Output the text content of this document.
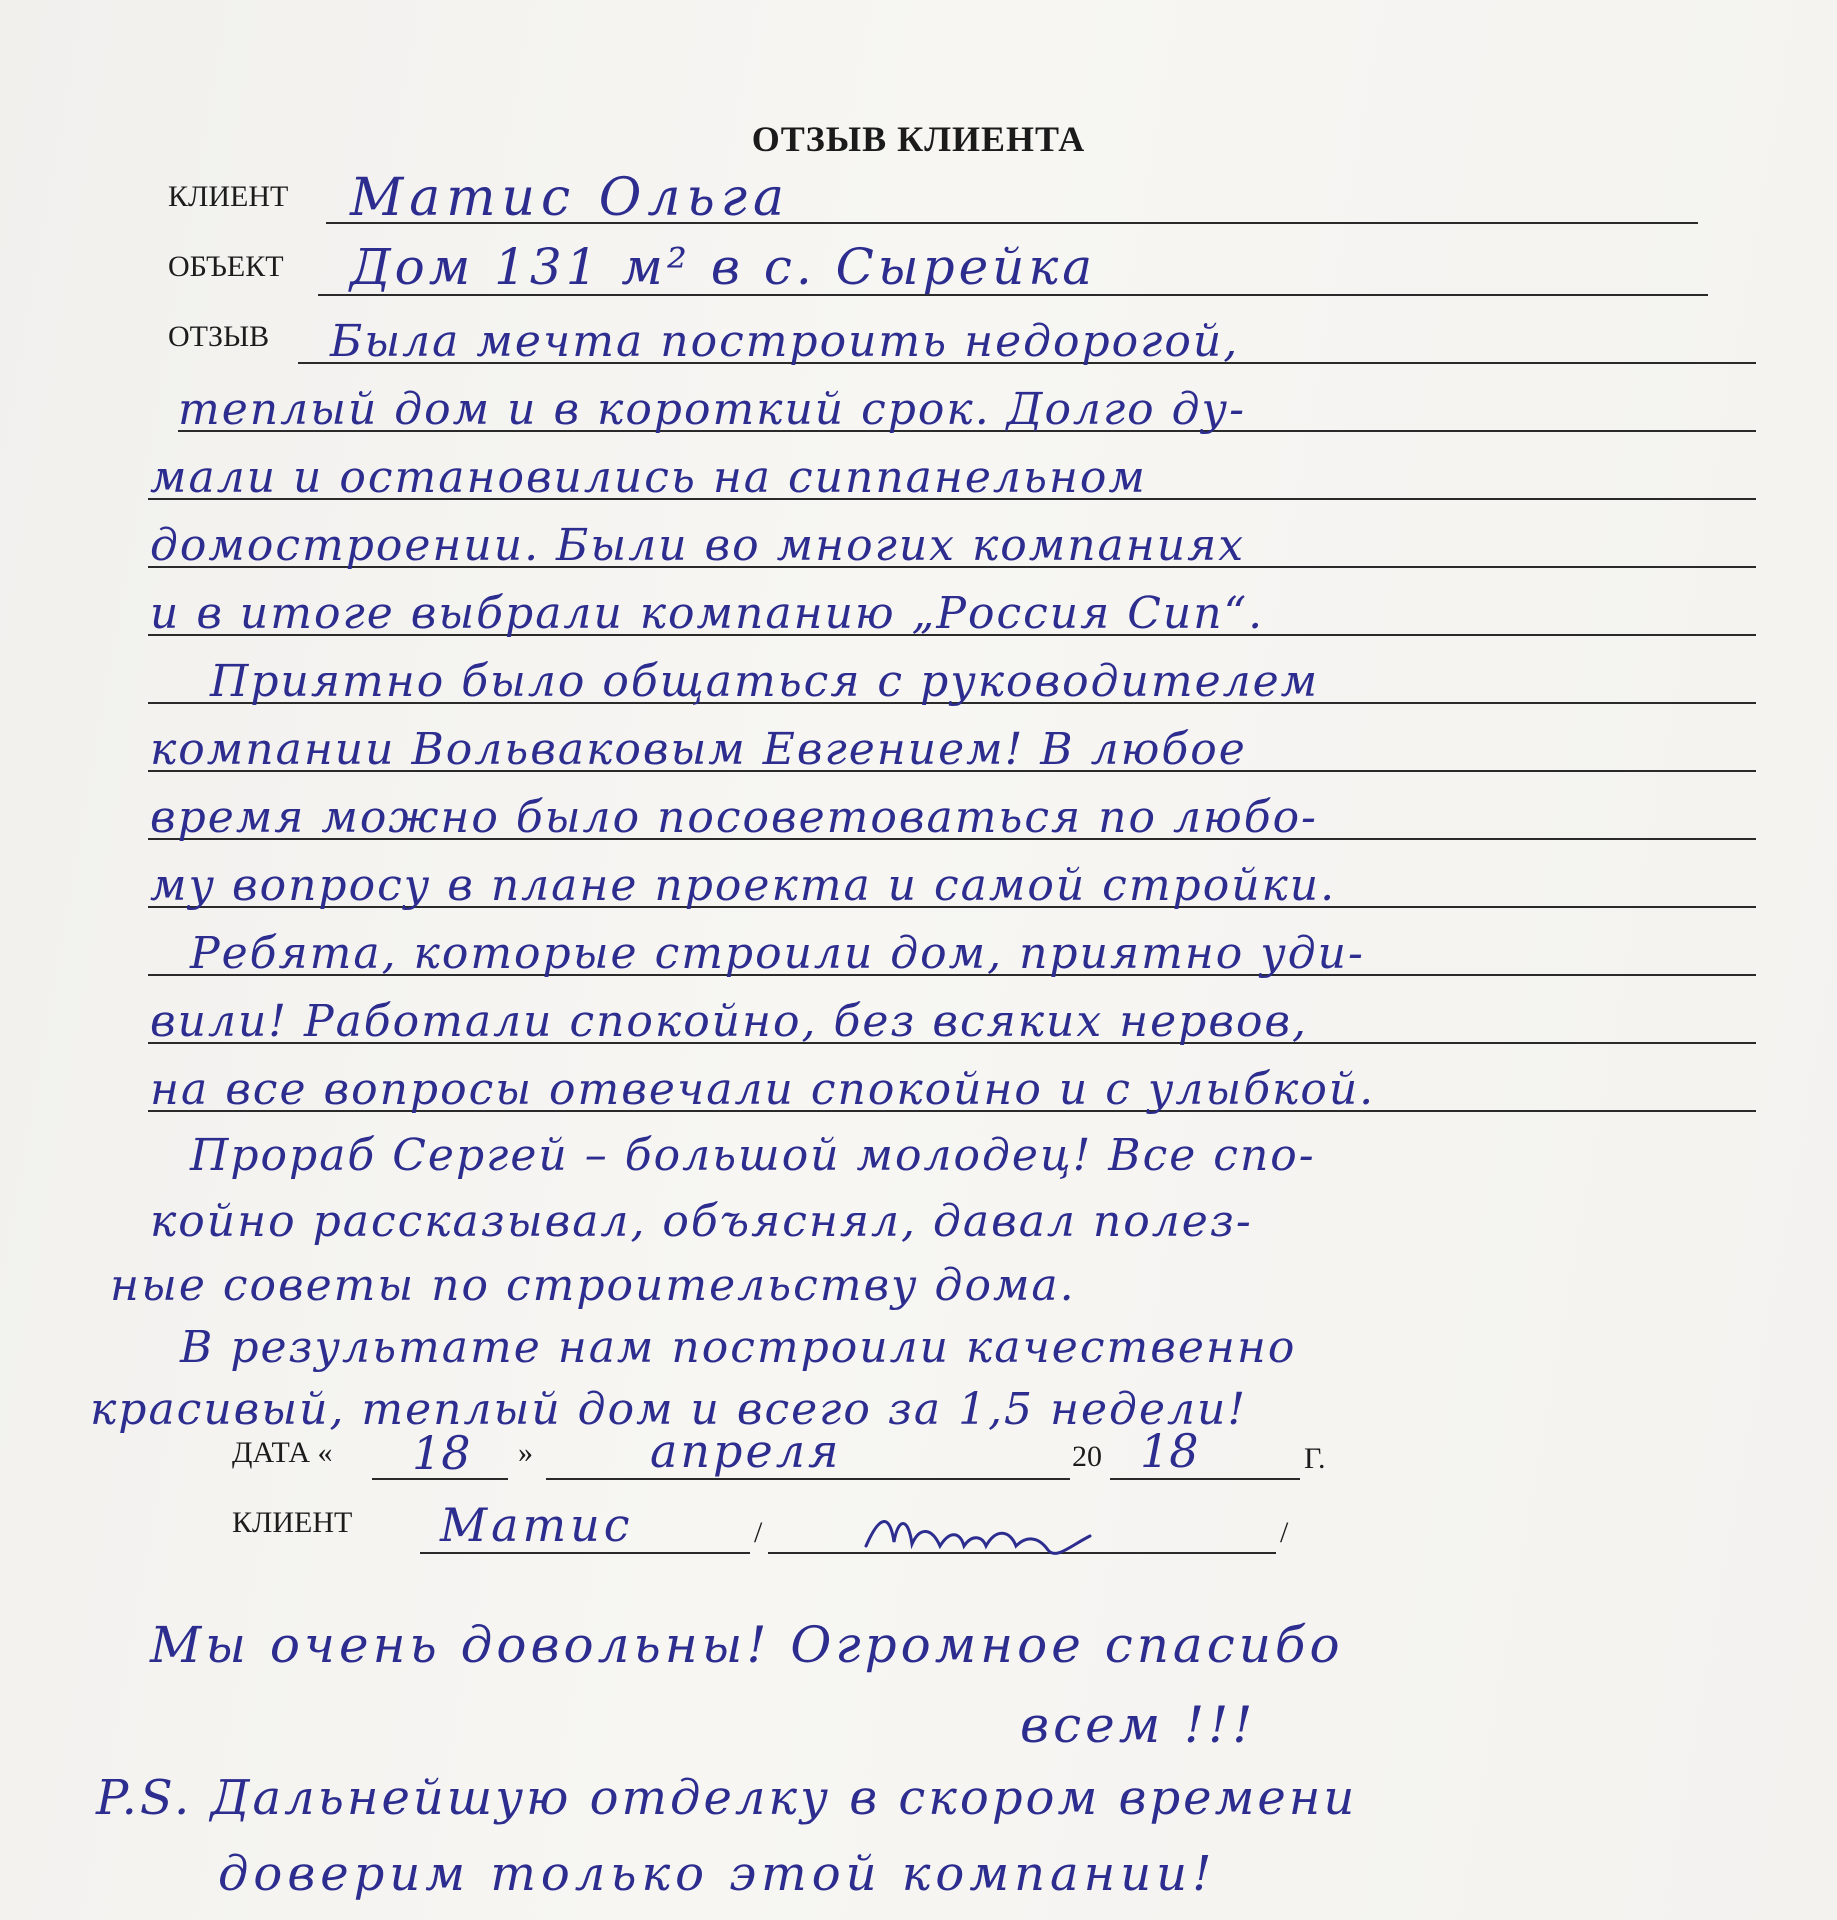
ОТЗЫВ КЛИЕНТА
КЛИЕНТ Матис Ольга
ОБЪЕКТ Дом 131 м² в с. Сырейка
ОТЗЫВ Была мечта построить недорогой,
теплый дом и в короткий срок. Долго ду-
мали и остановились на сиппанельном
домостроении. Были во многих компаниях
и в итоге выбрали компанию „Россия Сип“.
Приятно было общаться с руководителем
компании Вольваковым Евгением! В любое
время можно было посоветоваться по любо-
му вопросу в плане проекта и самой стройки.
Ребята, которые строили дом, приятно уди-
вили! Работали спокойно, без всяких нервов,
на все вопросы отвечали спокойно и с улыбкой.
Прораб Сергей – большой молодец! Все спо-
койно рассказывал, объяснял, давал полез-
ные советы по строительству дома.
В результате нам построили качественно
красивый, теплый дом и всего за 1,5 недели!
ДАТА « 18 »	апреля	20 18	Г.
КЛИЕНТ Матис	/	/
Мы очень довольны! Огромное спасибо
всем !!!
P.S. Дальнейшую отделку в скором времени
доверим только этой компании!
